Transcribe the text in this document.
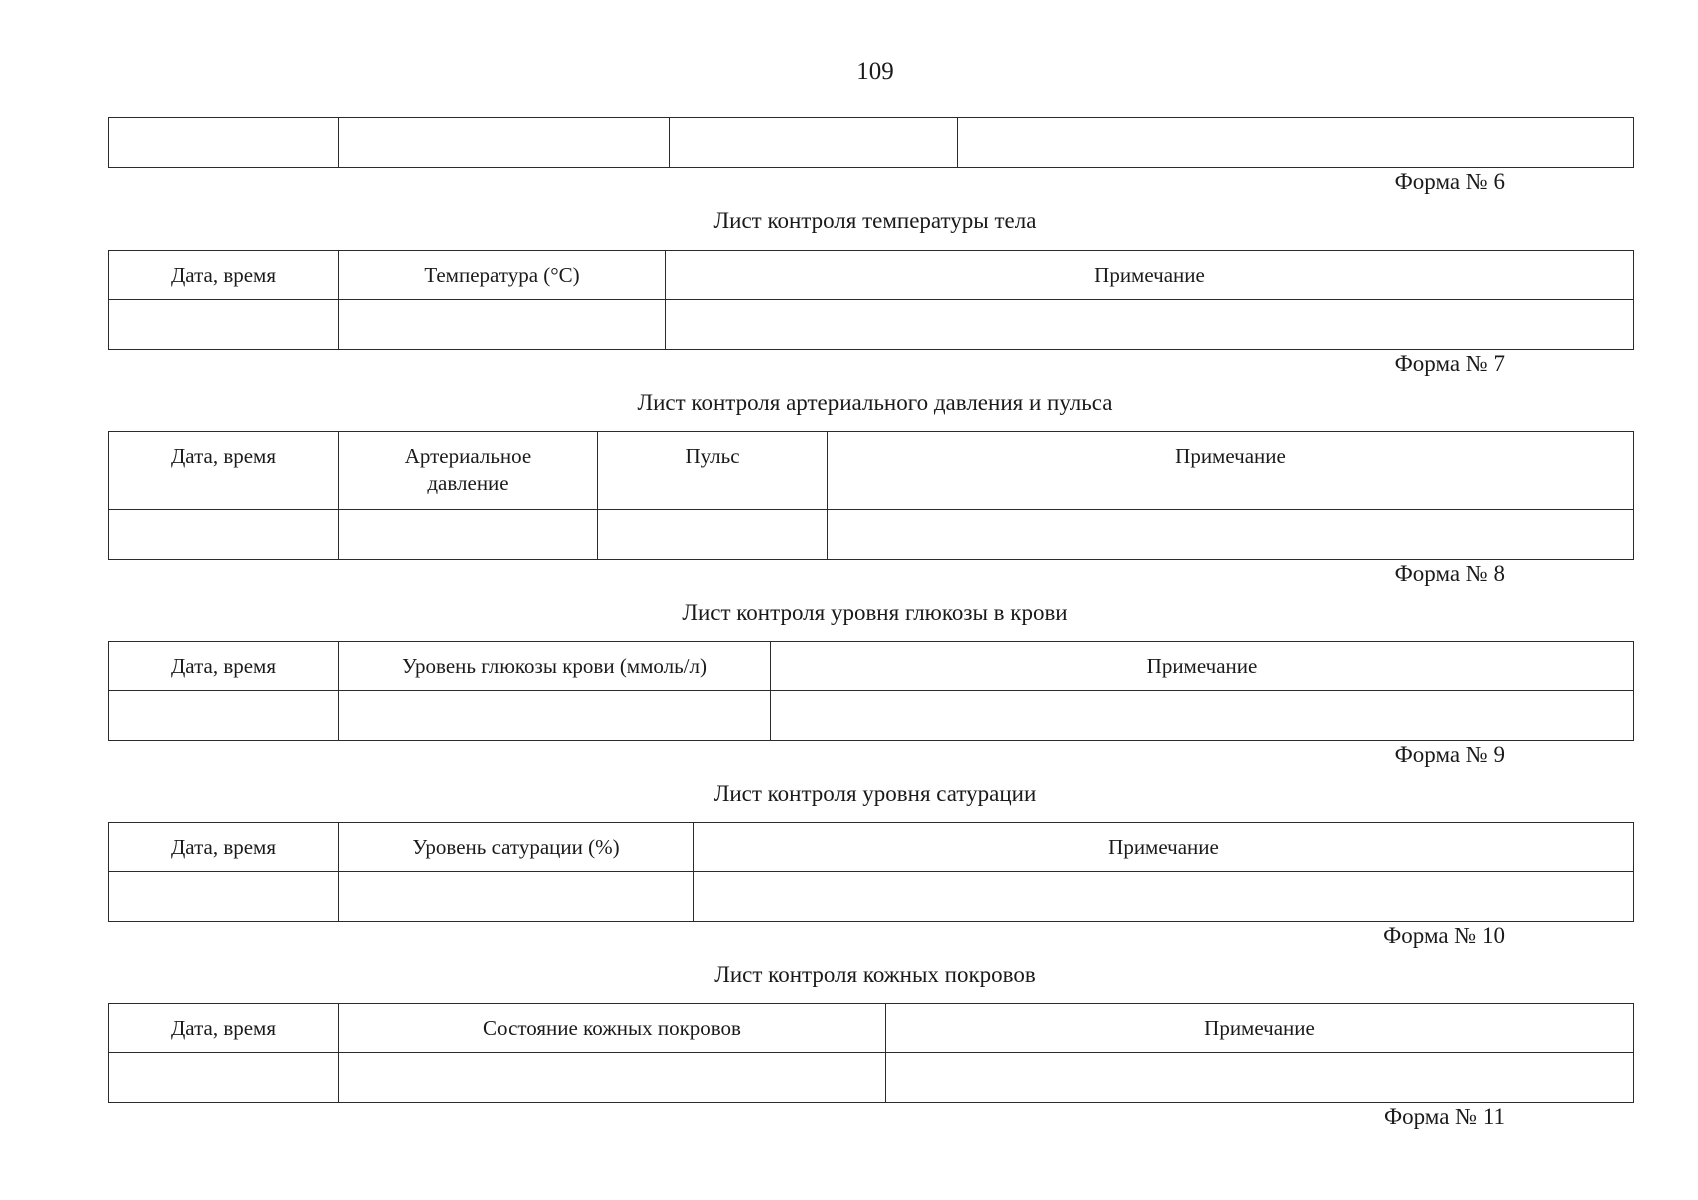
109

Форма № 6
Лист контроля температуры тела
Дата, время	Температура (°С)	Примечание

Форма № 7
Лист контроля артериального давления и пульса
Дата, время	Артериальное давление	Пульс	Примечание

Форма № 8
Лист контроля уровня глюкозы в крови
Дата, время	Уровень глюкозы крови (ммоль/л)	Примечание

Форма № 9
Лист контроля уровня сатурации
Дата, время	Уровень сатурации (%)	Примечание

Форма № 10
Лист контроля кожных покровов
Дата, время	Состояние кожных покровов	Примечание

Форма № 11
